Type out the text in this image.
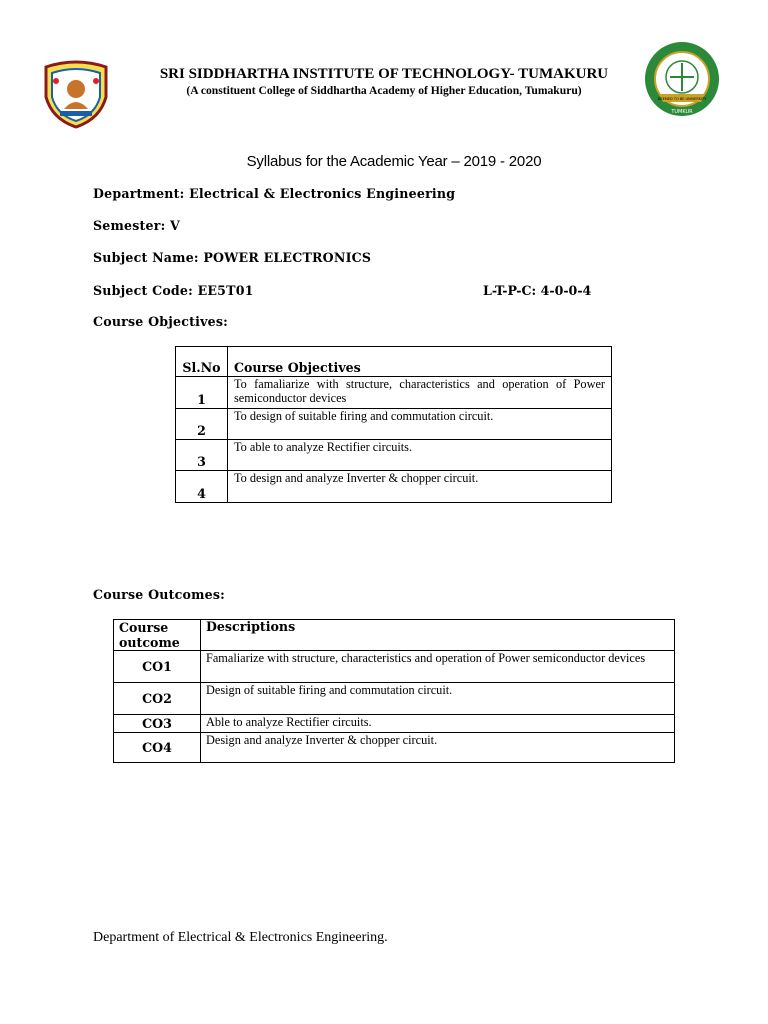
DEEMED TO BE UNIVERSITY
TUMKUR
SRI SIDDHARTHA INSTITUTE OF TECHNOLOGY- TUMAKURU
(A constituent College of Siddhartha Academy of Higher Education, Tumakuru)
Syllabus for the Academic Year – 2019 - 2020
Department: Electrical & Electronics Engineering
Semester: V
Subject Name: POWER ELECTRONICS
Subject Code: EE5T01	L-T-P-C: 4-0-0-4
Course Objectives:
Sl.No	Course Objectives
1	To famaliarize with structure, characteristics and operation of Power semiconductor devices
2	To design of suitable firing and commutation circuit.
3	To able to analyze Rectifier circuits.
4	To design and analyze Inverter & chopper circuit.
Course Outcomes:
Course outcome	Descriptions
CO1	Famaliarize with structure, characteristics and operation of Power semiconductor devices
CO2	Design of suitable firing and commutation circuit.
CO3	Able to analyze Rectifier circuits.
CO4	Design and analyze Inverter & chopper circuit.
Department of Electrical & Electronics Engineering.
